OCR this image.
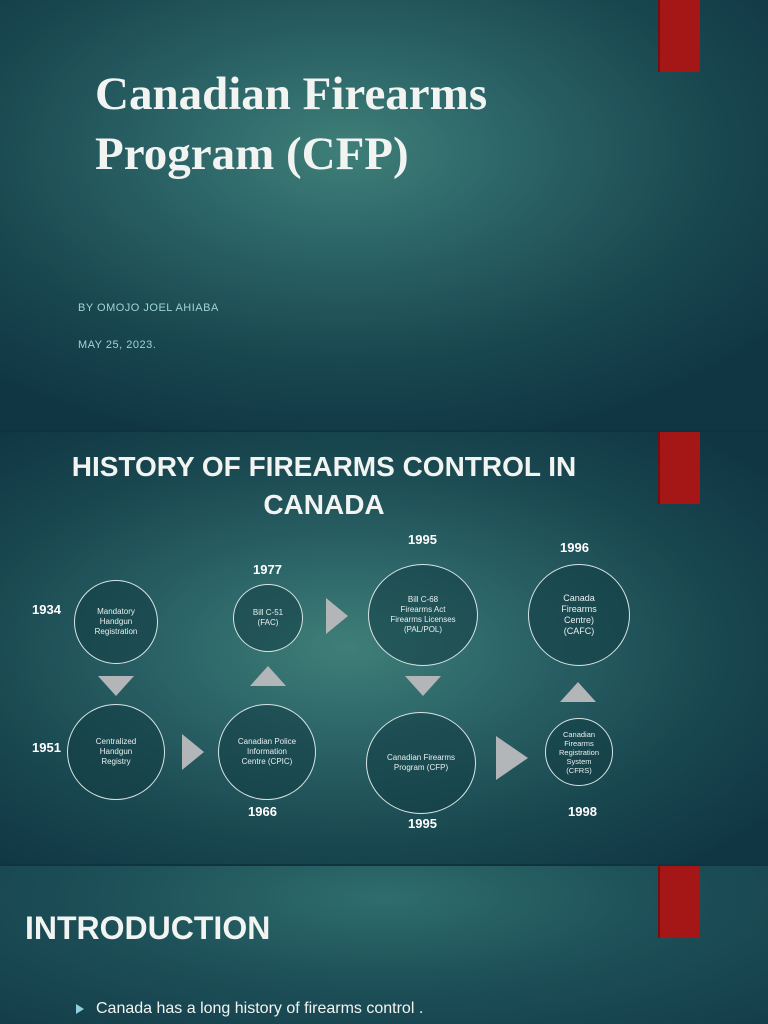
Canadian Firearms
Program (CFP)
BY OMOJO JOEL AHIABA
MAY 25, 2023.
HISTORY OF FIREARMS CONTROL IN
CANADA
1934	Mandatory
Handgun
Registration
1951	Centralized
Handgun
Registry
Canadian Police
Information
Centre (CPIC)
1966
1977
Bill C-51
(FAC)
1995
Bill C-68
Firearms Act
Firearms Licenses
(PAL/POL)
Canadian Firearms
Program (CFP)
1995
Canadian
Firearms
Registration
System
(CFRS)
1998
1996
Canada
Firearms
Centre)
(CAFC)
INTRODUCTION
Canada has a long history of firearms control .
